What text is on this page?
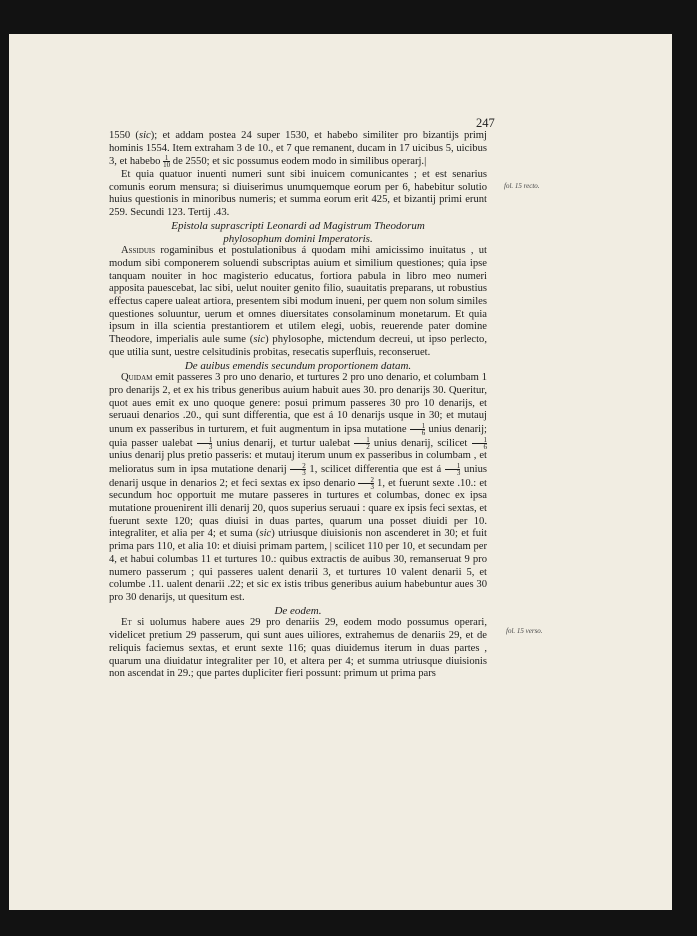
247
fol. 15 recto.
fol. 15 verso.

1550 (sic); et addam postea 24 super 1530, et habebo similiter pro bizantijs primj hominis 1554. Item extraham 3 de 10., et 7 que remanent, ducam in 17 uicibus 5, uicibus 3, et habebo $\frac{1}{10}$ de 2550; et sic possumus eodem modo in similibus operarj.|

Et quia quatuor inuenti numeri sunt sibi inuicem comunicantes ; et est senarius comunis eorum mensura; si diuiserimus unumquemque eorum per 6, habebitur solutio huius questionis in minoribus numeris; et summa eorum erit 425, et bizantij primi erunt 259. Secundi 123. Tertij .43.

Epistola suprascripti Leonardi ad Magistrum Theodorum
phylosophum domini Imperatoris.

Assiduis rogaminibus et postulationibus á quodam mihi amicissimo inuitatus , ut modum sibi componerem soluendi subscriptas auium et similium questiones; quia ipse tanquam nouiter in hoc magisterio educatus, fortiora pabula in libro meo numeri apposita pauescebat, lac sibi, uelut nouiter genito filio, suauitatis preparans, ut robustius effectus capere ualeat artiora, presentem sibi modum inueni, per quem non solum similes questiones soluuntur, uerum et omnes diuersitates consolaminum monetarum. Et quia ipsum in illa scientia prestantiorem et utilem elegi, uobis, reuerende pater domine Theodore, imperialis aule sume (sic) phylosophe, mictendum decreui, ut ipso perlecto, que utilia sunt, uestre celsitudinis probitas, resecatis superfluis, reconseruet.

De auibus emendis secundum proportionem datam.

Quidam emit passeres 3 pro uno denario, et turtures 2 pro uno denario, et columbam 1 pro denarijs 2, et ex his tribus generibus auium habuit aues 30. pro denarijs 30. Queritur, quot aues emit ex uno quoque genere: posui primum passeres 30 pro 10 denarijs, et seruaui denarios .20., qui sunt differentia, que est á 10 denarijs usque in 30; et mutauj unum ex passeribus in turturem, et fuit augmentum in ipsa mutatione $\frac{1}{6}$ unius denarij; quia passer ualebat $\frac{1}{3}$ unius denarij, et turtur ualebat $\frac{1}{2}$ unius denarij, scilicet $\frac{1}{6}$
unius denarij plus pretio passeris: et mutauj iterum unum ex passeribus in columbam , et melioratus sum in ipsa mutatione denarij $\frac{2}{3} 1$, scilicet differentia que est á $\frac{1}{3}$ unius denarij usque in denarios 2; et feci sextas ex ipso denario $\frac{2}{3} 1$, et fuerunt sexte .10.: et secundum hoc opportuit me mutare passeres in turtures et columbas, donec ex ipsa mutatione prouenirent illi denarij 20, quos superius seruaui : quare ex ipsis feci sextas, et fuerunt sexte 120; quas diuisi in duas partes, quarum una posset diuidi per 10. integraliter, et alia per 4; et suma (sic) utriusque diuisionis non ascenderet in 30; et fuit prima pars 110, et alia 10: et diuisi primam partem, | scilicet 110 per 10, et secundam per 4, et habui columbas 11 et turtures 10.: quibus extractis de auibus 30, remanseruat 9 pro numero passerum ; qui passeres ualent denarii 3, et turtures 10 valent denarii 5, et columbe .11. ualent denarii .22; et sic ex istis tribus generibus auium habebuntur aues 30 pro 30 denarijs, ut quesitum est.

De eodem.

Et si uolumus habere aues 29 pro denariis 29, eodem modo possumus operari, videlicet pretium 29 passerum, qui sunt aues uiliores, extrahemus de denariis 29, et de reliquis faciemus sextas, et erunt sexte 116; quas diuidemus iterum in duas partes , quarum una diuidatur integraliter per 10, et altera per 4; et summa utriusque diuisionis non ascendat in 29.; que partes dupliciter fieri possunt: primum ut prima pars
